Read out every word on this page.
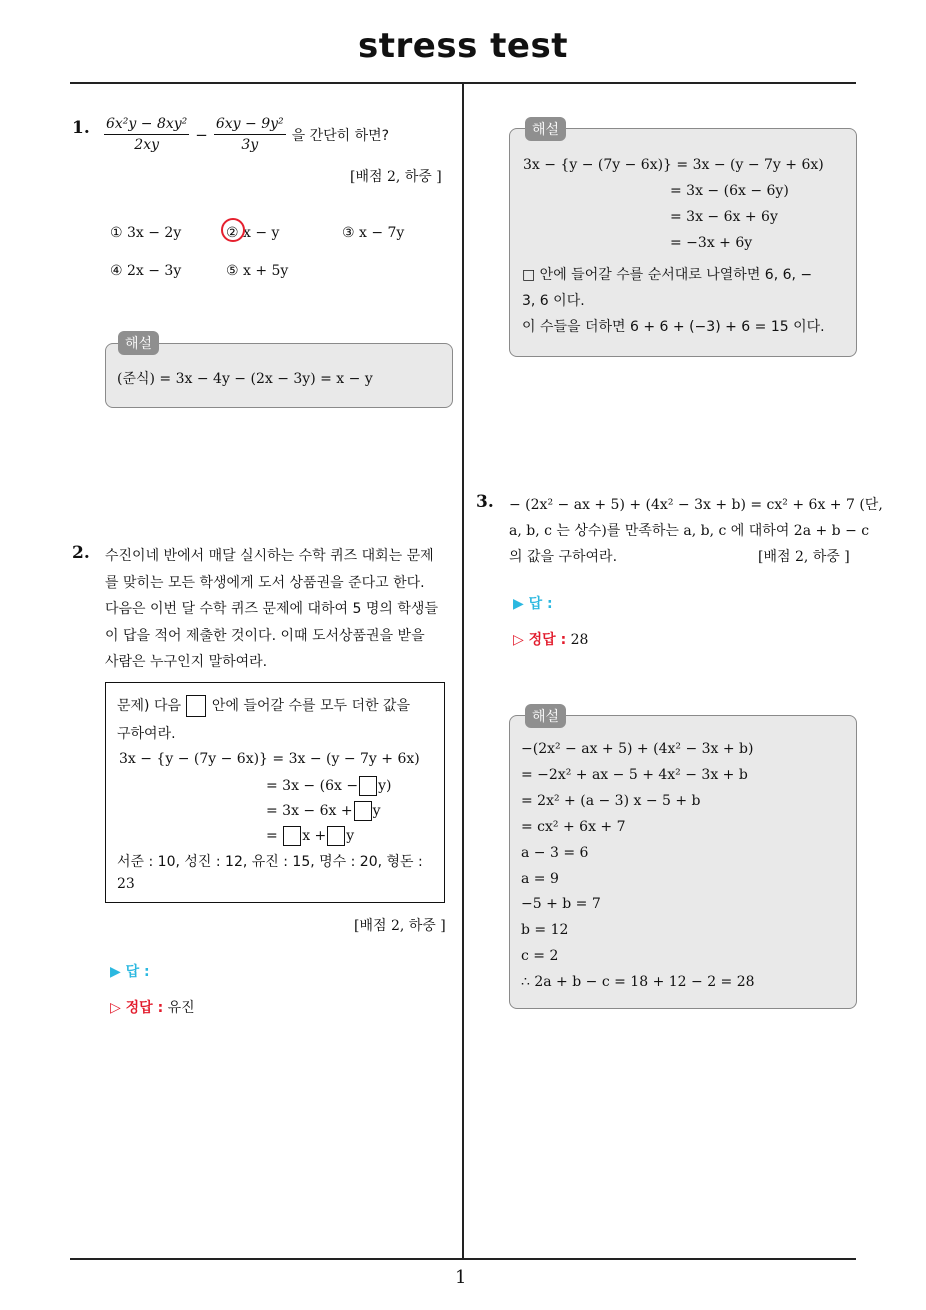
stress test
1
1. $\frac{\text{6x²y − 8xy²}}{2xy} - \frac{\text{6xy − 9y²}}{3y}$ 을 간단히 하면?
[배점 2, 하중 ]
① 3x − 2y	② x − y	③ x − 7y
④ 2x − 3y	⑤ x + 5y
해설
(준식) = 3x − 4y − (2x − 3y) = x − y
2. 수진이네 반에서 매달 실시하는 수학 퀴즈 대회는 문제
를 맞히는 모든 학생에게 도서 상품권을 준다고 한다.
다음은 이번 달 수학 퀴즈 문제에 대하여 5 명의 학생들
이 답을 적어 제출한 것이다. 이때 도서상품권을 받을
사람은 누구인지 말하여라.
문제) 다음 안에 들어갈 수를 모두 더한 값을
구하여라.
3x − {y − (7y − 6x)} = 3x − (y − 7y + 6x)
= 3x − (6x − y)
= 3x − 6x + y
= x + y
서준 : 10, 성진 : 12, 유진 : 15, 명수 : 20, 형돈 :
23
[배점 2, 하중 ]
▶ 답 :
▷ 정답 : 유진
해설
3x − {y − (7y − 6x)} = 3x − (y − 7y + 6x)
= 3x − (6x − 6y)
= 3x − 6x + 6y
= −3x + 6y
□ 안에 들어갈 수를 순서대로 나열하면 6, 6, −
3, 6 이다.
이 수들을 더하면 6 + 6 + (−3) + 6 = 15 이다.
3. − (2x² − ax + 5) + (4x² − 3x + b) = cx² + 6x + 7 (단,
a, b, c 는 상수)를 만족하는 a, b, c 에 대하여 2a + b − c
의 값을 구하여라.	[배점 2, 하중 ]
▶ 답 :
▷ 정답 : 28
해설
−(2x² − ax + 5) + (4x² − 3x + b)
= −2x² + ax − 5 + 4x² − 3x + b
= 2x² + (a − 3) x − 5 + b
= cx² + 6x + 7
a − 3 = 6
a = 9
−5 + b = 7
b = 12
c = 2
∴ 2a + b − c = 18 + 12 − 2 = 28
